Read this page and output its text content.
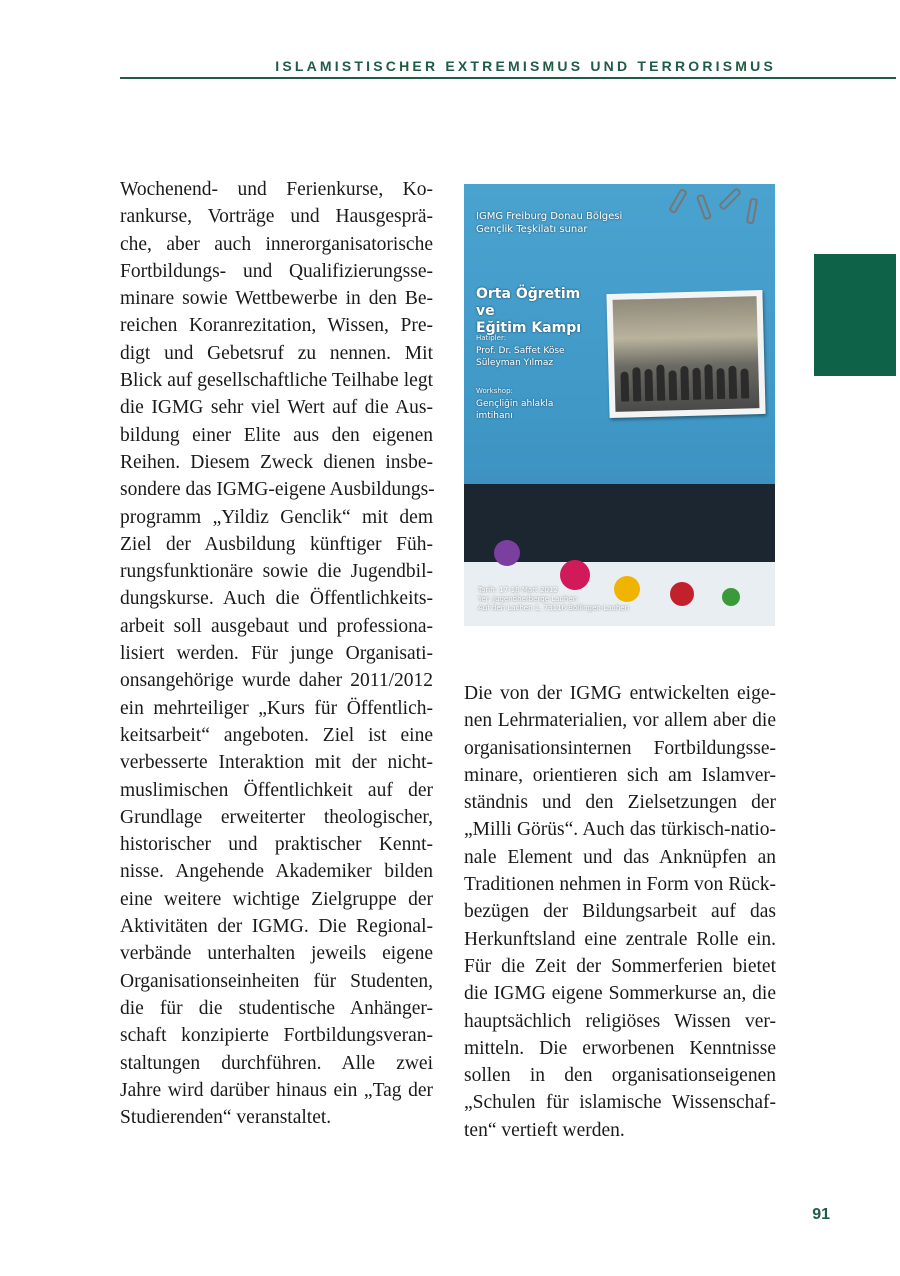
ISLAMISTISCHER EXTREMISMUS UND TERRORISMUS
Wochenend- und Ferienkurse, Ko-
rankurse, Vorträge und Hausgesprä-
che, aber auch innerorganisatorische
Fortbildungs- und Qualifizierungsse-
minare sowie Wettbewerbe in den Be-
reichen Koranrezitation, Wissen, Pre-
digt und Gebetsruf zu nennen. Mit
Blick auf gesellschaftliche Teilhabe legt
die IGMG sehr viel Wert auf die Aus-
bildung einer Elite aus den eigenen
Reihen. Diesem Zweck dienen insbe-
sondere das IGMG-eigene Ausbildungs-
programm „Yildiz Genclik“ mit dem
Ziel der Ausbildung künftiger Füh-
rungsfunktionäre sowie die Jugendbil-
dungskurse. Auch die Öffentlichkeits-
arbeit soll ausgebaut und professiona-
lisiert werden. Für junge Organisati-
onsangehörige wurde daher 2011/2012
ein mehrteiliger „Kurs für Öffentlich-
keitsarbeit“ angeboten. Ziel ist eine
verbesserte Interaktion mit der nicht-
muslimischen Öffentlichkeit auf der
Grundlage erweiterter theologischer,
historischer und praktischer Kennt-
nisse. Angehende Akademiker bilden
eine weitere wichtige Zielgruppe der
Aktivitäten der IGMG. Die Regional-
verbände unterhalten jeweils eigene
Organisationseinheiten für Studenten,
die für die studentische Anhänger-
schaft konzipierte Fortbildungsveran-
staltungen durchführen. Alle zwei
Jahre wird darüber hinaus ein „Tag der
Studierenden“ veranstaltet.
IGMG Freiburg Donau Bölgesi
Gençlik Teşkilatı sunar
Orta Öğretim ve
Eğitim Kampı
Hatipler:
Prof. Dr. Saffet Köse
Süleyman Yılmaz
Workshop:
Gençliğin ahlakla
imtihanı
Tarih: 17-18 Mart 2012
Yer: Jugendherberge Lauhen
Auf den Lachen 1, 73116 Bollingen-Lauhen
Die von der IGMG entwickelten eige-
nen Lehrmaterialien, vor allem aber die
organisationsinternen Fortbildungsse-
minare, orientieren sich am Islamver-
ständnis und den Zielsetzungen der
„Milli Görüs“. Auch das türkisch-natio-
nale Element und das Anknüpfen an
Traditionen nehmen in Form von Rück-
bezügen der Bildungsarbeit auf das
Herkunftsland eine zentrale Rolle ein.
Für die Zeit der Sommerferien bietet
die IGMG eigene Sommerkurse an, die
hauptsächlich religiöses Wissen ver-
mitteln. Die erworbenen Kenntnisse
sollen in den organisationseigenen
„Schulen für islamische Wissenschaf-
ten“ vertieft werden.
91
